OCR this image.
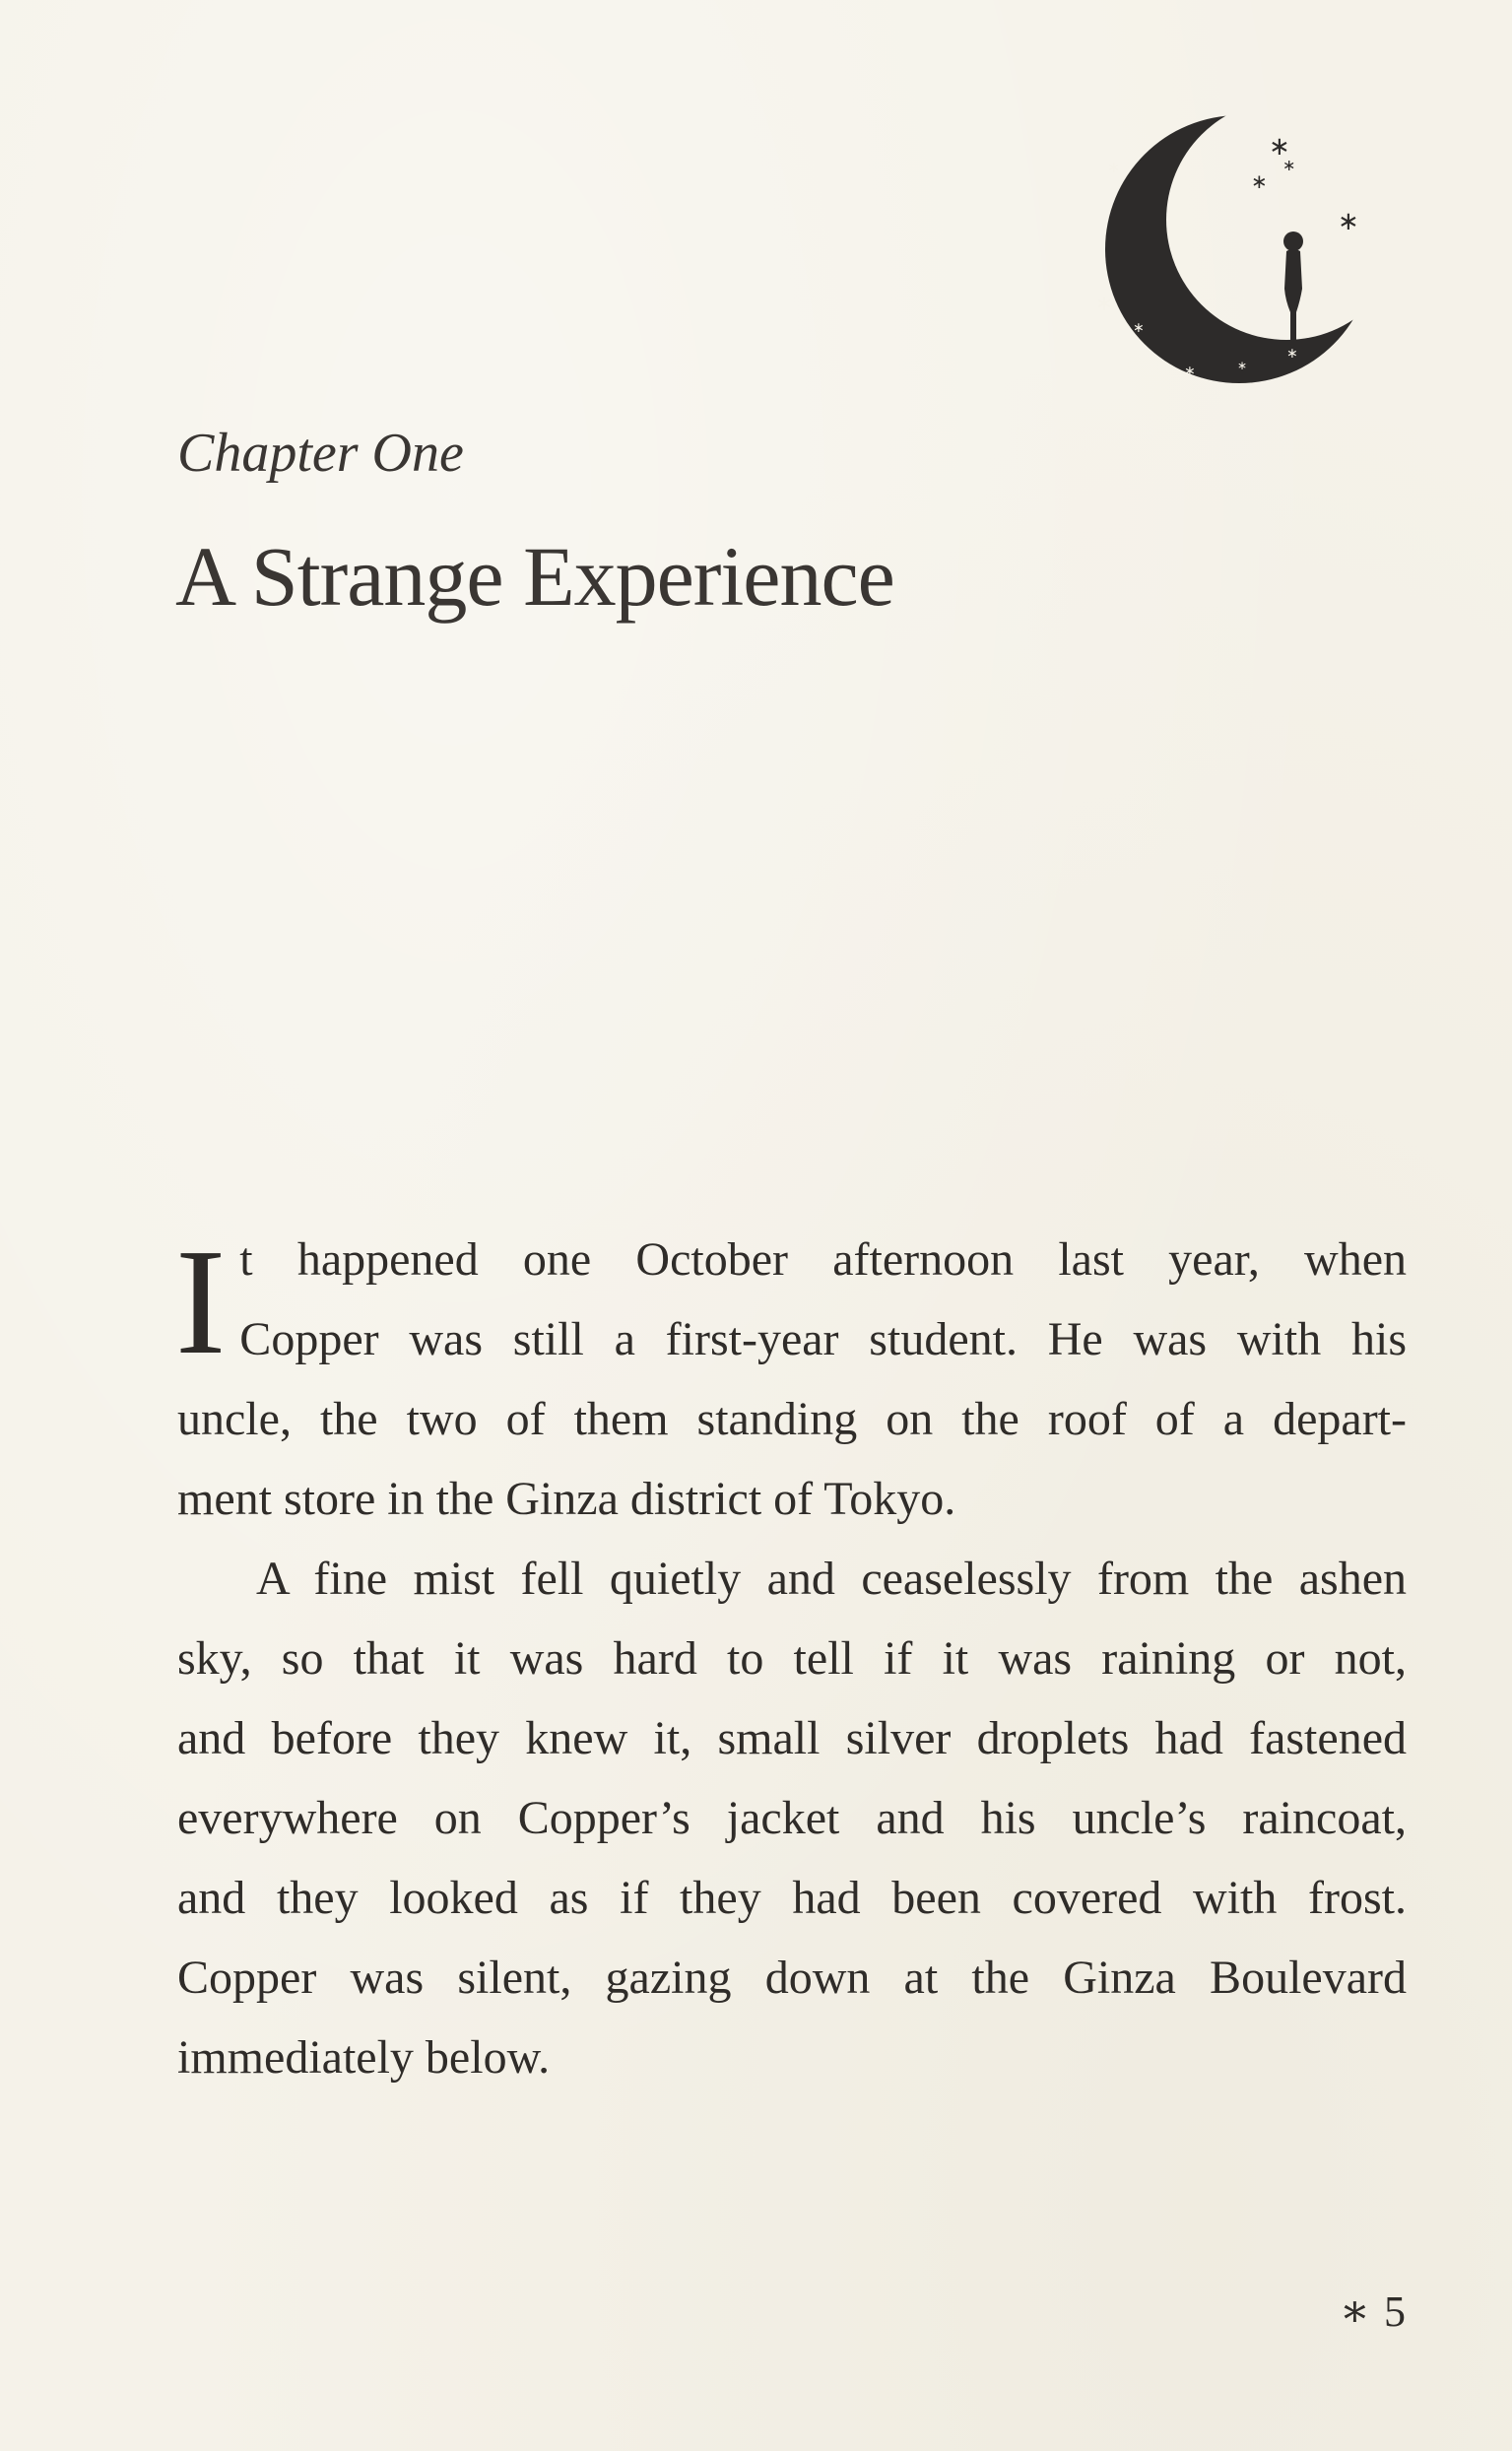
∗
∗
∗
∗
∗
∗
∗
∗	∗
∗
Chapter One
A Strange Experience
I t happened one October afternoon last year, when
Copper was still a first-year student. He was with his
uncle, the two of them standing on the roof of a depart-
ment store in the Ginza district of Tokyo.
A fine mist fell quietly and ceaselessly from the ashen
sky, so that it was hard to tell if it was raining or not,
and before they knew it, small silver droplets had fastened
everywhere on Copper’s jacket and his uncle’s raincoat,
and they looked as if they had been covered with frost.
Copper was silent, gazing down at the Ginza Boulevard
immediately below.
∗ 5
